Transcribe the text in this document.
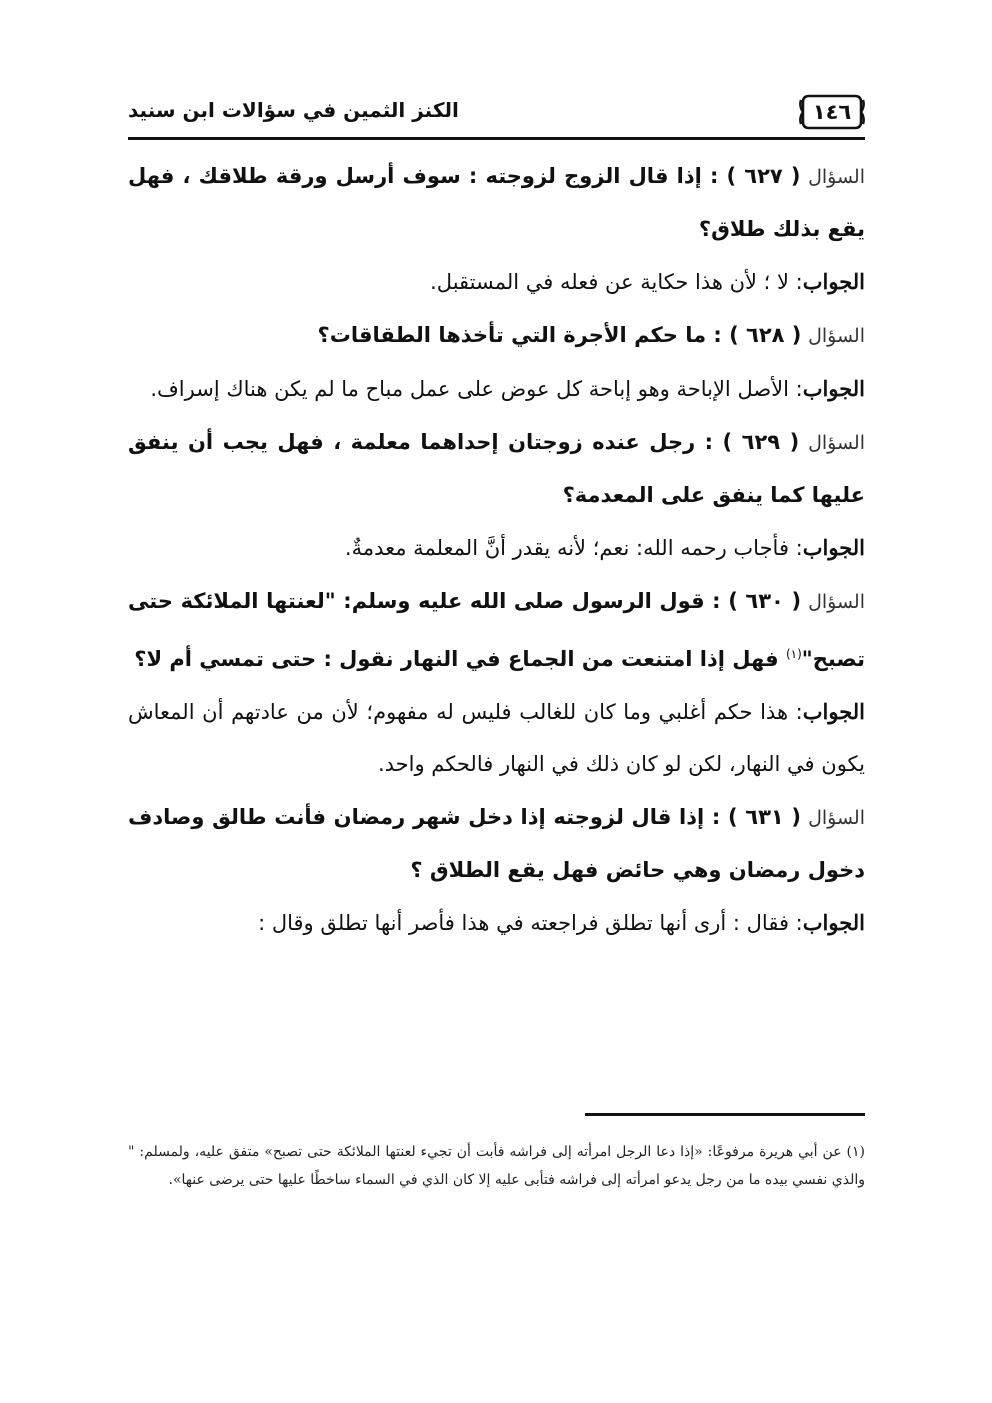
١٤٦
الكنز الثمين في سؤالات ابن سنيد

السؤال ( ٦٢٧ ) : إذا قال الزوج لزوجته : سوف أرسل ورقة طلاقك ، فهل يقع بذلك طلاق؟

الجواب: لا ؛ لأن هذا حكاية عن فعله في المستقبل.

السؤال ( ٦٢٨ ) : ما حكم الأجرة التي تأخذها الطقاقات؟

الجواب: الأصل الإباحة وهو إباحة كل عوض على عمل مباح ما لم يكن هناك إسراف.

السؤال ( ٦٢٩ ) : رجل عنده زوجتان إحداهما معلمة ، فهل يجب أن ينفق عليها كما ينفق على المعدمة؟

الجواب: فأجاب رحمه الله: نعم؛ لأنه يقدر أنَّ المعلمة معدمةٌ.

السؤال ( ٦٣٠ ) : قول الرسول صلى الله عليه وسلم: "لعنتها الملائكة حتى تصبح"$^{(١)}$ فهل إذا امتنعت من الجماع في النهار نقول : حتى تمسي أم لا؟

الجواب: هذا حكم أغلبي وما كان للغالب فليس له مفهوم؛ لأن من عادتهم أن المعاش يكون في النهار، لكن لو كان ذلك في النهار فالحكم واحد.

السؤال ( ٦٣١ ) : إذا قال لزوجته إذا دخل شهر رمضان فأنت طالق وصادف دخول رمضان وهي حائض فهل يقع الطلاق ؟

الجواب: فقال : أرى أنها تطلق فراجعته في هذا فأصر أنها تطلق وقال :

(١) عن أبي هريرة مرفوعًا: «إذا دعا الرجل امرأته إلى فراشه فأبت أن تجيء لعنتها الملائكة حتى تصبح» متفق عليه، ولمسلم: " والذي نفسي بيده ما من رجل يدعو امرأته إلى فراشه فتأبى عليه إلا كان الذي في السماء ساخطًا عليها حتى يرضى عنها».
